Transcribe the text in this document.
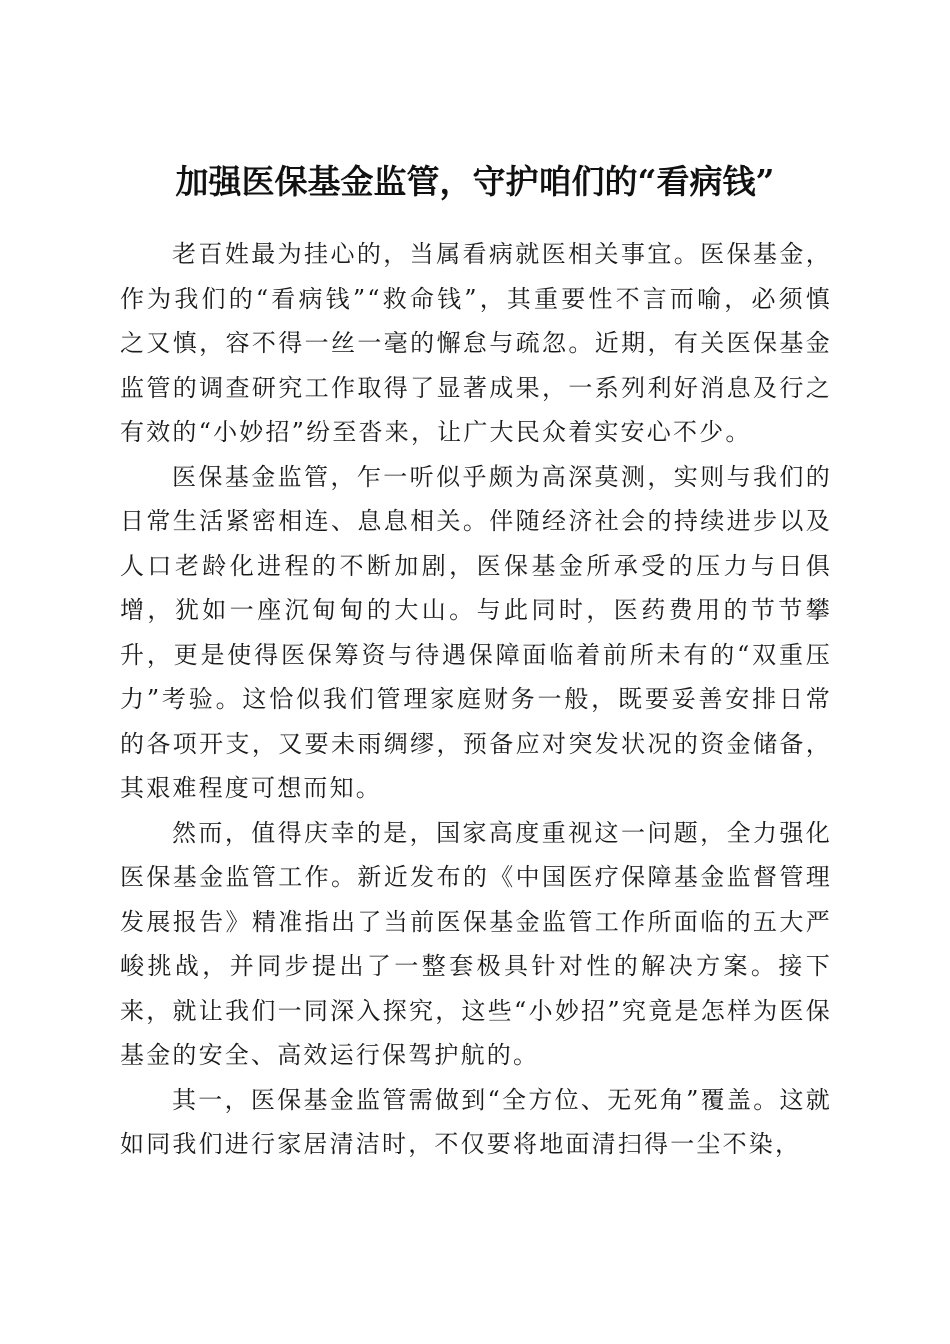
加强医保基金监管，守护咱们的“看病钱”

老百姓最为挂心的，当属看病就医相关事宜。医保基金，作为我们的“看病钱”“救命钱”，其重要性不言而喻，必须慎之又慎，容不得一丝一毫的懈怠与疏忽。近期，有关医保基金监管的调查研究工作取得了显著成果，一系列利好消息及行之有效的“小妙招”纷至沓来，让广大民众着实安心不少。

医保基金监管，乍一听似乎颇为高深莫测，实则与我们的日常生活紧密相连、息息相关。伴随经济社会的持续进步以及人口老龄化进程的不断加剧，医保基金所承受的压力与日俱增，犹如一座沉甸甸的大山。与此同时，医药费用的节节攀升，更是使得医保筹资与待遇保障面临着前所未有的“双重压力”考验。这恰似我们管理家庭财务一般，既要妥善安排日常的各项开支，又要未雨绸缪，预备应对突发状况的资金储备，其艰难程度可想而知。

然而，值得庆幸的是，国家高度重视这一问题，全力强化医保基金监管工作。新近发布的《中国医疗保障基金监督管理发展报告》精准指出了当前医保基金监管工作所面临的五大严峻挑战，并同步提出了一整套极具针对性的解决方案。接下来，就让我们一同深入探究，这些“小妙招”究竟是怎样为医保基金的安全、高效运行保驾护航的。

其一，医保基金监管需做到“全方位、无死角”覆盖。这就如同我们进行家居清洁时，不仅要将地面清扫得一尘不染，
